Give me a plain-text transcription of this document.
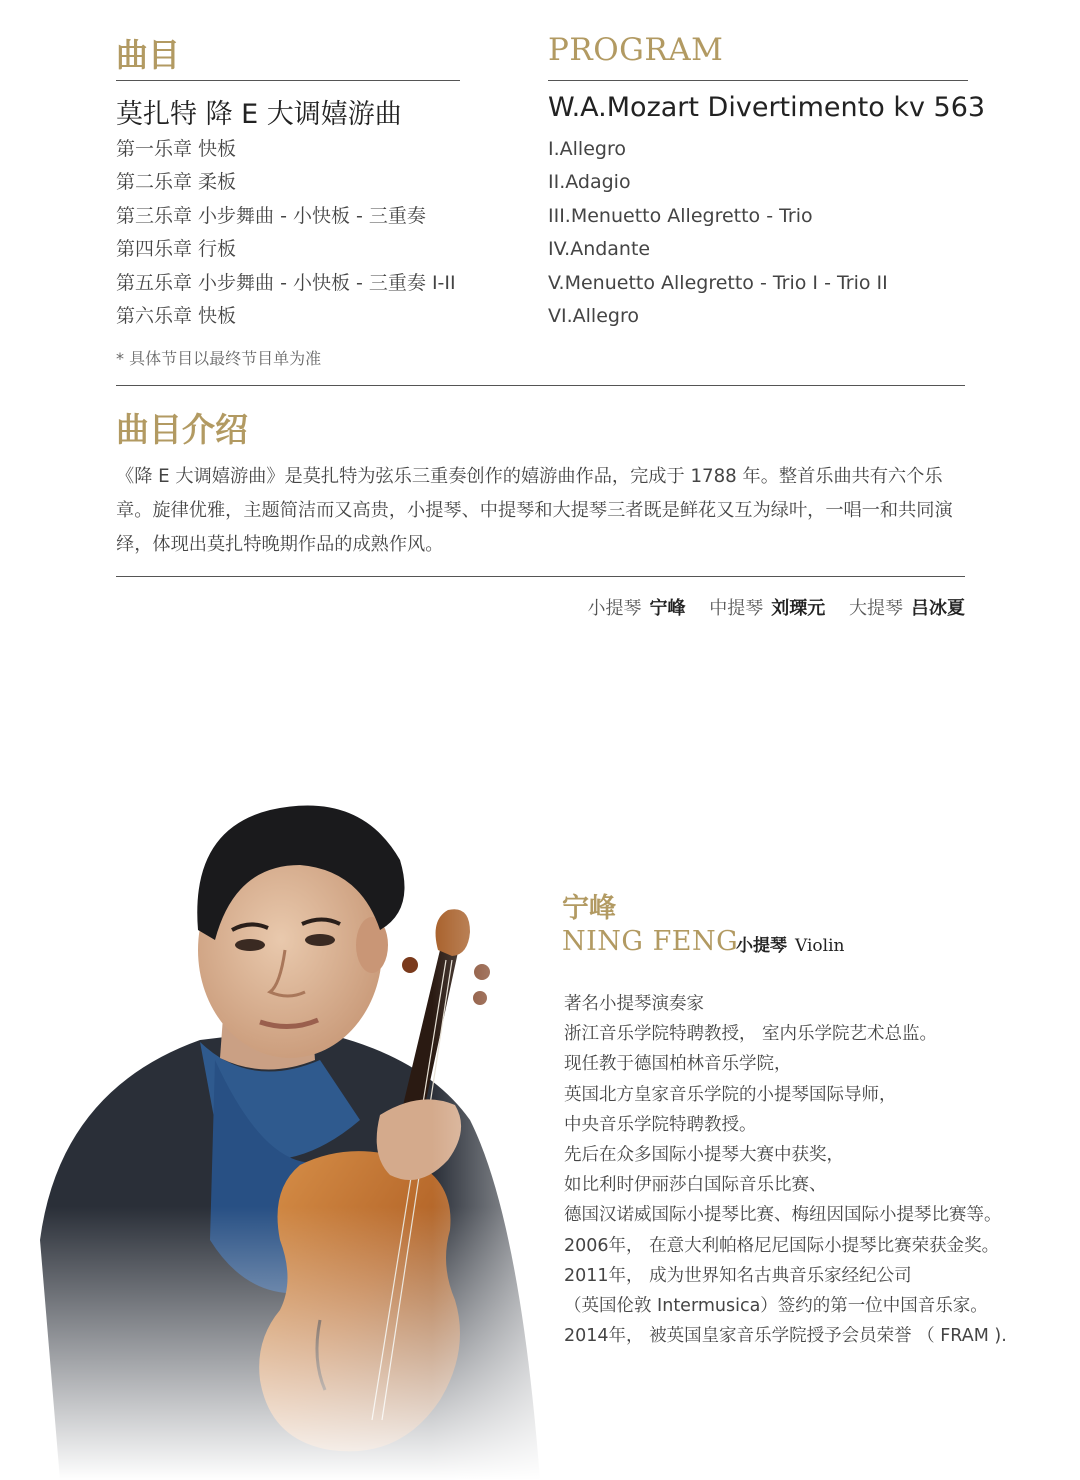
曲目	PROGRAM
莫扎特 降 E 大调嬉游曲	W.A.Mozart Divertimento kv 563
第一乐章 快板
第二乐章 柔板
第三乐章 小步舞曲 - 小快板 - 三重奏
第四乐章 行板
第五乐章 小步舞曲 - 小快板 - 三重奏 I-II
第六乐章 快板
I.Allegro
II.Adagio
III.Menuetto Allegretto - Trio
IV.Andante
V.Menuetto Allegretto - Trio I - Trio II
VI.Allegro
* 具体节目以最终节目单为准
曲目介绍

《降 E 大调嬉游曲》是莫扎特为弦乐三重奏创作的嬉游曲作品，完成于 1788 年。整首乐曲共有六个乐章。旋律优雅，主题简洁而又高贵，小提琴、中提琴和大提琴三者既是鲜花又互为绿叶，一唱一和共同演绎，体现出莫扎特晚期作品的成熟作风。

小提琴 宁峰 中提琴 刘瑮元 大提琴 吕冰夏
宁峰
NING FENG
小提琴 Violin
著名小提琴演奏家
浙江音乐学院特聘教授， 室内乐学院艺术总监。
现任教于德国柏林音乐学院，
英国北方皇家音乐学院的小提琴国际导师，
中央音乐学院特聘教授。
先后在众多国际小提琴大赛中获奖，
如比利时伊丽莎白国际音乐比赛、
德国汉诺威国际小提琴比赛、梅纽因国际小提琴比赛等。
2006年， 在意大利帕格尼尼国际小提琴比赛荣获金奖。
2011年， 成为世界知名古典音乐家经纪公司
（英国伦敦 Intermusica）签约的第一位中国音乐家。
2014年， 被英国皇家音乐学院授予会员荣誉 （ FRAM ).
